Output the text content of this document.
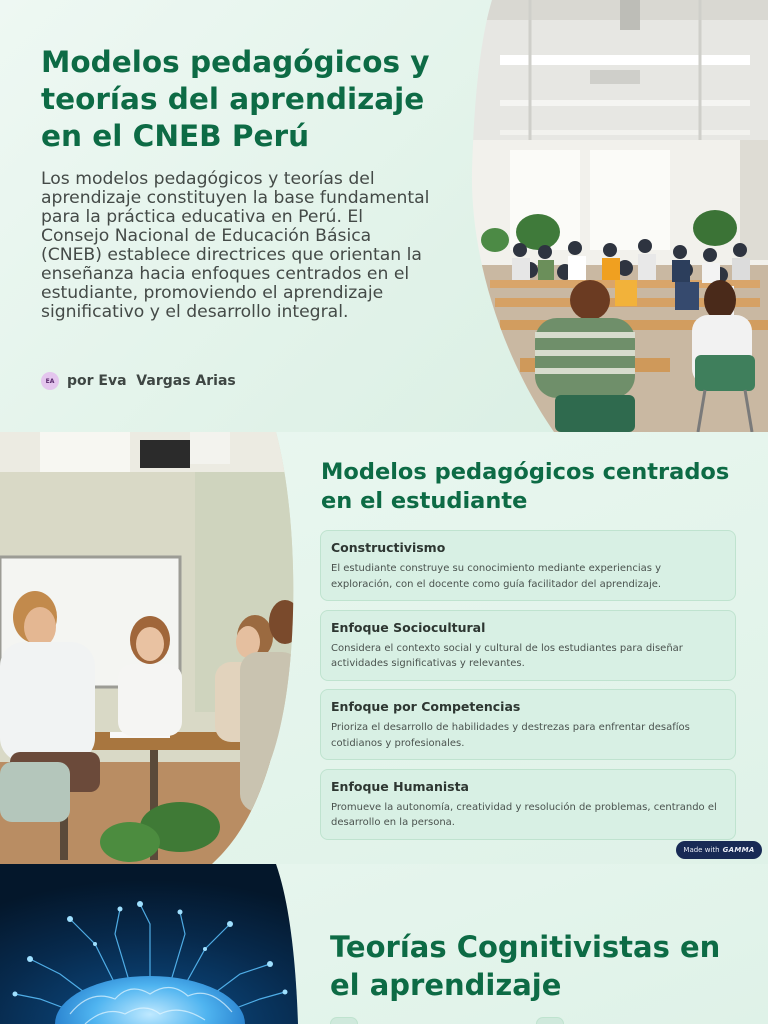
Modelos pedagógicos y teorías del aprendizaje en el CNEB Perú

Los modelos pedagógicos y teorías del aprendizaje constituyen la base fundamental para la práctica educativa en Perú. El Consejo Nacional de Educación Básica (CNEB) establece directrices que orientan la enseñanza hacia enfoques centrados en el estudiante, promoviendo el aprendizaje significativo y el desarrollo integral.

EA por Eva  Vargas Arias
Modelos pedagógicos centrados en el estudiante
Constructivismo
El estudiante construye su conocimiento mediante experiencias y exploración, con el docente como guía facilitador del aprendizaje.
Enfoque Sociocultural
Considera el contexto social y cultural de los estudiantes para diseñar actividades significativas y relevantes.
Enfoque por Competencias
Prioriza el desarrollo de habilidades y destrezas para enfrentar desafíos cotidianos y profesionales.
Enfoque Humanista
Promueve la autonomía, creatividad y resolución de problemas, centrando el desarrollo en la persona.
Made with GAMMA
Teorías Cognitivistas en el aprendizaje
